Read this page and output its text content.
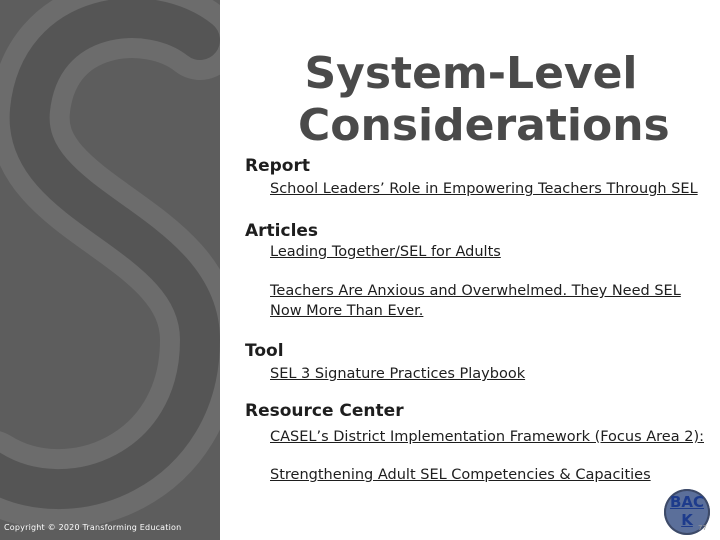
Copyright © 2020 Transforming Education
System-Level Considerations
Report
School Leaders’ Role in Empowering Teachers Through SEL
Articles
Leading Together/SEL for Adults
Teachers Are Anxious and Overwhelmed. They Need SEL Now More Than Ever.
Tool
SEL 3 Signature Practices Playbook
Resource Center
CASEL’s District Implementation Framework (Focus Area 2):
Strengthening Adult SEL Competencies & Capacities
BAC
K 77
